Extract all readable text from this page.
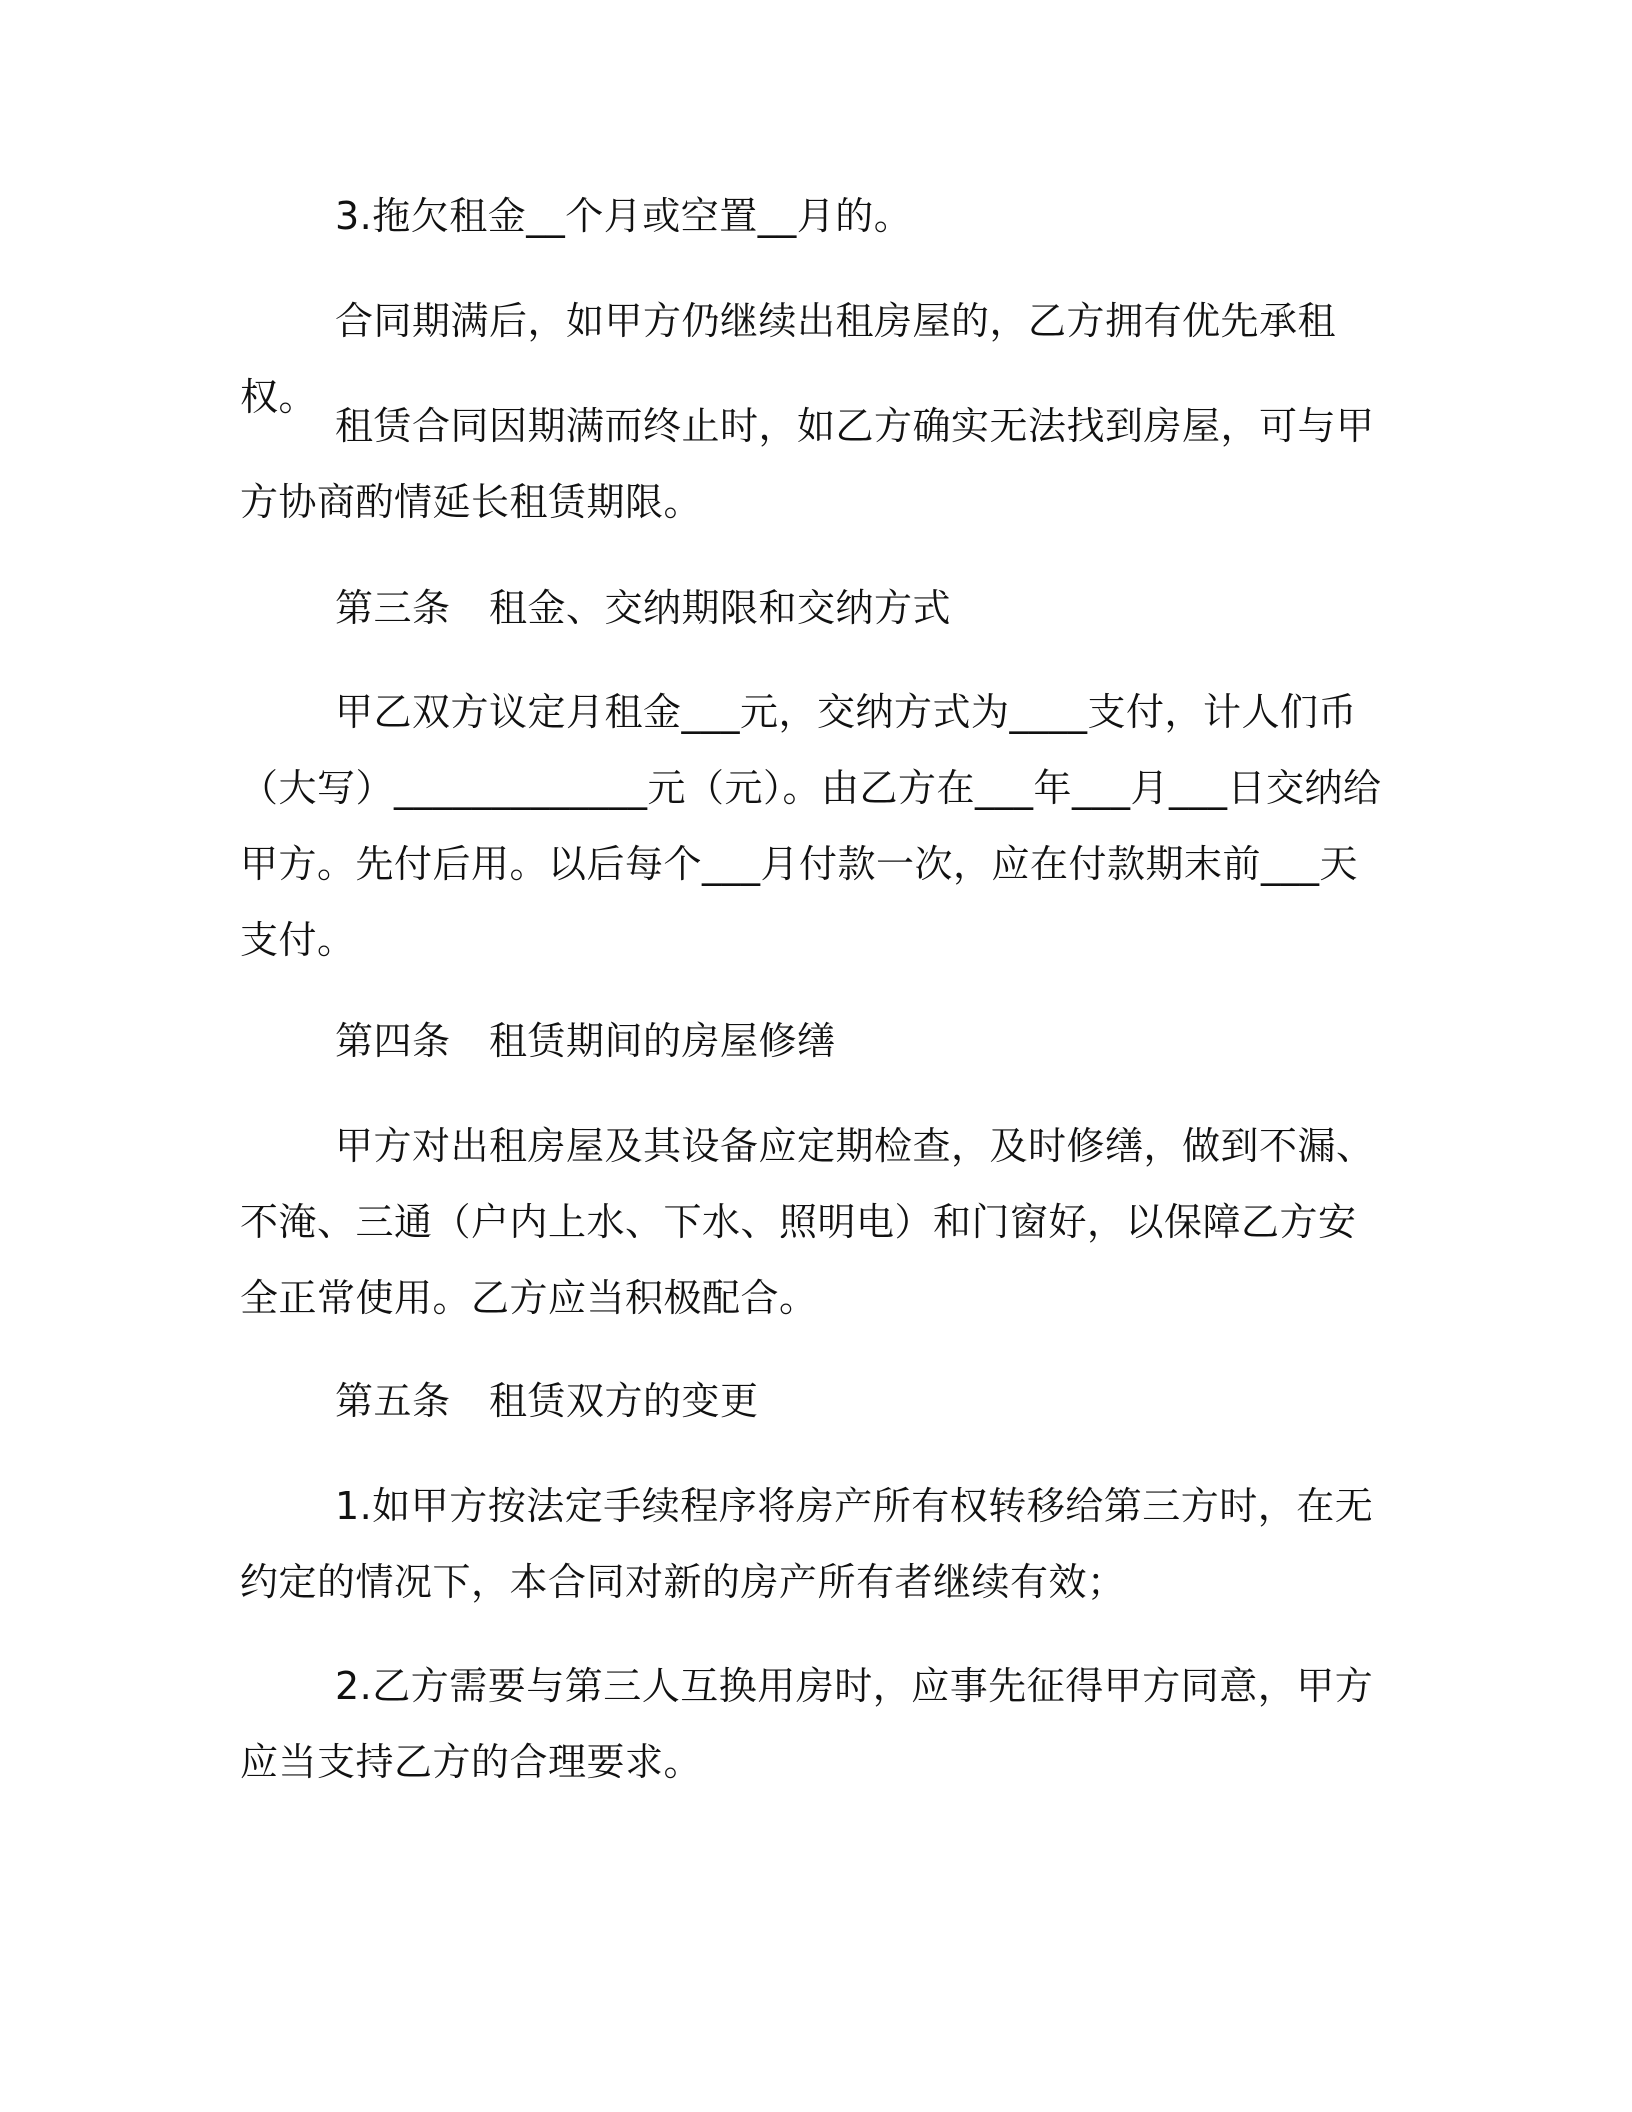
3.拖欠租金__个月或空置__月的。

合同期满后，如甲方仍继续出租房屋的，乙方拥有优先承租权。

租赁合同因期满而终止时，如乙方确实无法找到房屋，可与甲方协商酌情延长租赁期限。

第三条　租金、交纳期限和交纳方式

甲乙双方议定月租金___元，交纳方式为____支付，计人们币（大写）_____________元（元）。由乙方在___年___月___日交纳给甲方。先付后用。以后每个___月付款一次，应在付款期末前___天支付。

第四条　租赁期间的房屋修缮

甲方对出租房屋及其设备应定期检查，及时修缮，做到不漏、不淹、三通（户内上水、下水、照明电）和门窗好，以保障乙方安全正常使用。乙方应当积极配合。

第五条　租赁双方的变更

1.如甲方按法定手续程序将房产所有权转移给第三方时，在无约定的情况下，本合同对新的房产所有者继续有效；

2.乙方需要与第三人互换用房时，应事先征得甲方同意，甲方应当支持乙方的合理要求。
